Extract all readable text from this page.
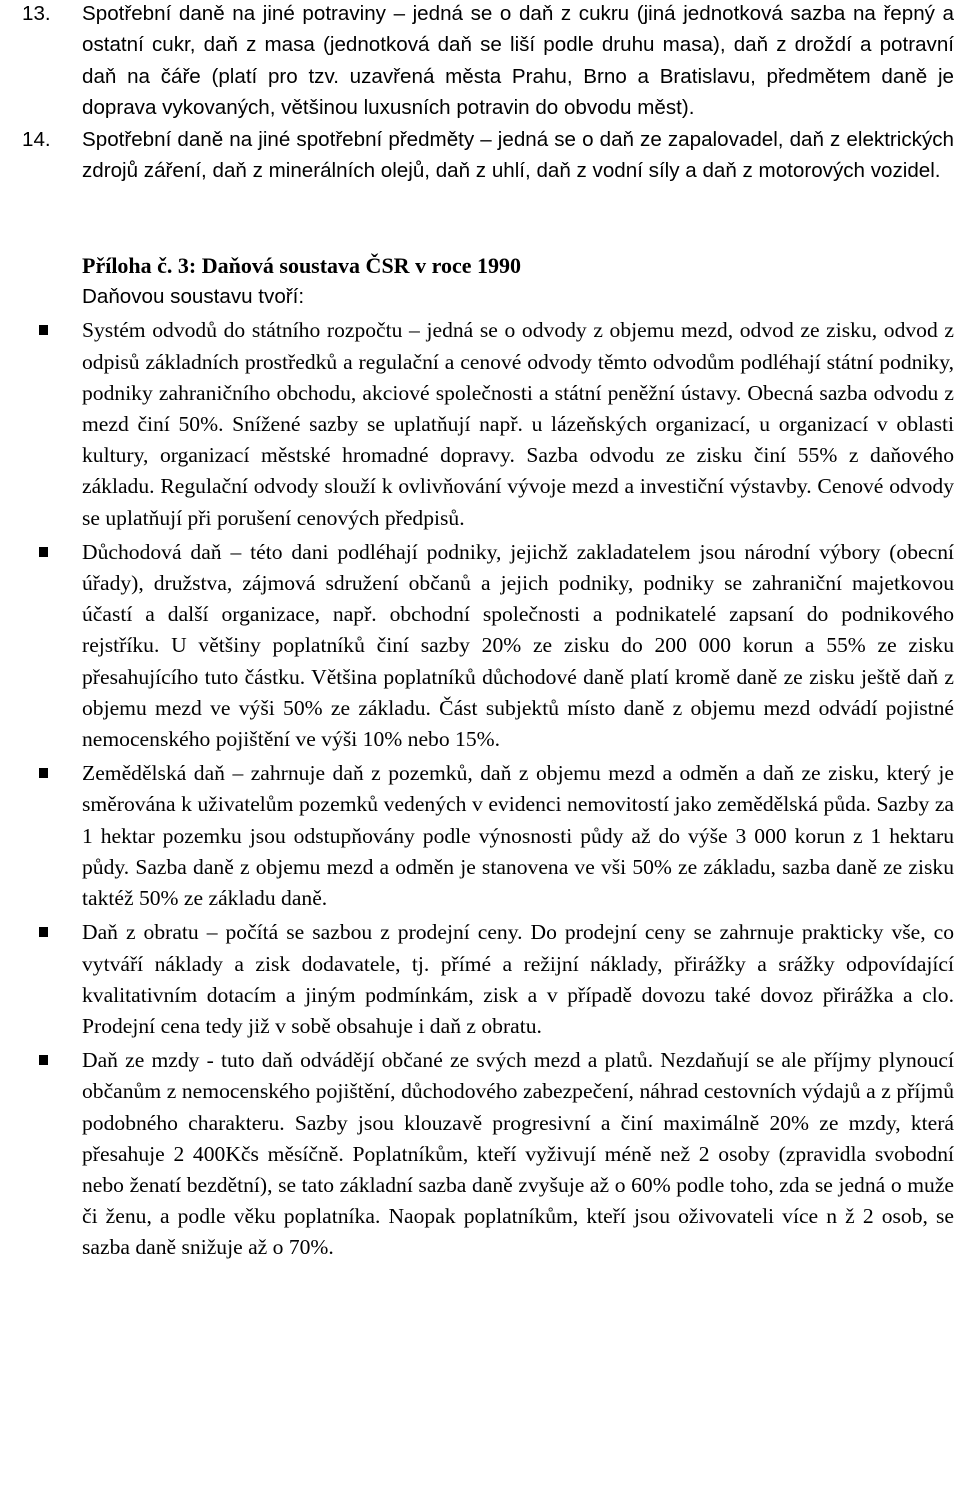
13. Spotřební daně na jiné potraviny – jedná se o daň z cukru (jiná jednotková sazba na řepný a ostatní cukr, daň z masa (jednotková daň se liší podle druhu masa), daň z droždí a potravní daň na čáře (platí pro tzv. uzavřená města Prahu, Brno a Bratislavu, předmětem daně je doprava vykovaných, většinou luxusních potravin do obvodu měst).
14. Spotřební daně na jiné spotřební předměty – jedná se o daň ze zapalovadel, daň z elektrických zdrojů záření, daň z minerálních olejů, daň z uhlí, daň z vodní síly a daň z motorových vozidel.
Příloha č. 3: Daňová soustava ČSR v roce 1990
Daňovou soustavu tvoří:
Systém odvodů do státního rozpočtu – jedná se o odvody z objemu mezd, odvod ze zisku, odvod z odpisů základních prostředků a regulační a cenové odvody těmto odvodům podléhají státní podniky, podniky zahraničního obchodu, akciové společnosti a státní peněžní ústavy. Obecná sazba odvodu z mezd činí 50%. Snížené sazby se uplatňují např. u lázeňských organizací, u organizací v oblasti kultury, organizací městské hromadné dopravy. Sazba odvodu ze zisku činí 55% z daňového základu. Regulační odvody slouží k ovlivňování vývoje mezd a investiční výstavby. Cenové odvody se uplatňují při porušení cenových předpisů.
Důchodová daň – této dani podléhají podniky, jejichž zakladatelem jsou národní výbory (obecní úřady), družstva, zájmová sdružení občanů a jejich podniky, podniky se zahraniční majetkovou účastí a další organizace, např. obchodní společnosti a podnikatelé zapsaní do podnikového rejstříku. U většiny poplatníků činí sazby 20% ze zisku do 200 000 korun a 55% ze zisku přesahujícího tuto částku. Většina poplatníků důchodové daně platí kromě daně ze zisku ještě daň z objemu mezd ve výši 50% ze základu. Část subjektů místo daně z objemu mezd odvádí pojistné nemocenského pojištění ve výši 10% nebo 15%.
Zemědělská daň – zahrnuje daň z pozemků, daň z objemu mezd a odměn a daň ze zisku, který je směrována k uživatelům pozemků vedených v evidenci nemovitostí jako zemědělská půda. Sazby za 1 hektar pozemku jsou odstupňovány podle výnosnosti půdy až do výše 3 000 korun z 1 hektaru půdy. Sazba daně z objemu mezd a odměn je stanovena ve vši 50% ze základu, sazba daně ze zisku taktéž 50% ze základu daně.
Daň z obratu – počítá se sazbou z prodejní ceny. Do prodejní ceny se zahrnuje prakticky vše, co vytváří náklady a zisk dodavatele, tj. přímé a režijní náklady, přirážky a srážky odpovídající kvalitativním dotacím a jiným podmínkám, zisk a v případě dovozu také dovoz přirážka a clo. Prodejní cena tedy již v sobě obsahuje i daň z obratu.
Daň ze mzdy - tuto daň odvádějí občané ze svých mezd a platů. Nezdaňují se ale příjmy plynoucí občanům z nemocenského pojištění, důchodového zabezpečení, náhrad cestovních výdajů a z příjmů podobného charakteru. Sazby jsou klouzavě progresivní a činí maximálně 20% ze mzdy, která přesahuje 2 400Kčs měsíčně. Poplatníkům, kteří vyživují méně než 2 osoby (zpravidla svobodní nebo ženatí bezdětní), se tato základní sazba daně zvyšuje až o 60% podle toho, zda se jedná o muže či ženu, a podle věku poplatníka. Naopak poplatníkům, kteří jsou oživovateli více n ž 2 osob, se sazba daně snižuje až o 70%.
